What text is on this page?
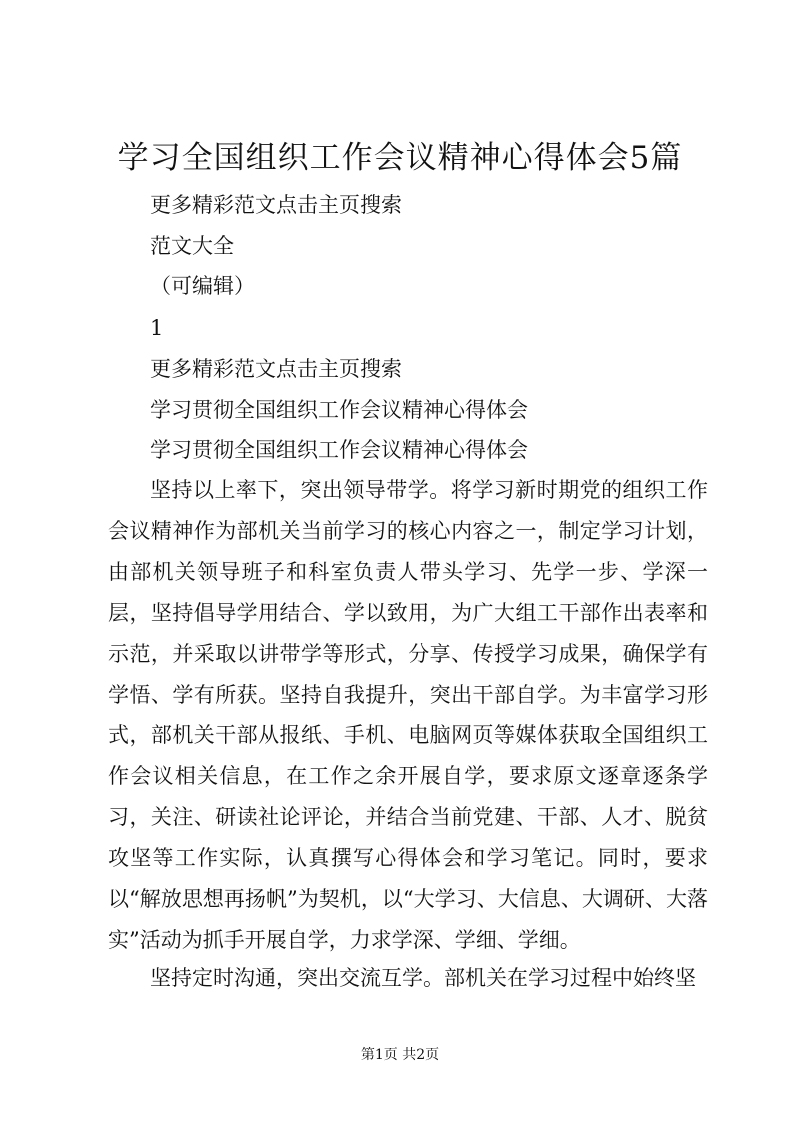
学习全国组织工作会议精神心得体会5篇
更多精彩范文点击主页搜索
范文大全
（可编辑）
1
更多精彩范文点击主页搜索
学习贯彻全国组织工作会议精神心得体会
学习贯彻全国组织工作会议精神心得体会

坚持以上率下，突出领导带学。将学习新时期党的组织工作会议精神作为部机关当前学习的核心内容之一，制定学习计划，由部机关领导班子和科室负责人带头学习、先学一步、学深一层，坚持倡导学用结合、学以致用，为广大组工干部作出表率和示范，并采取以讲带学等形式，分享、传授学习成果，确保学有学悟、学有所获。坚持自我提升，突出干部自学。为丰富学习形式，部机关干部从报纸、手机、电脑网页等媒体获取全国组织工作会议相关信息，在工作之余开展自学，要求原文逐章逐条学习，关注、研读社论评论，并结合当前党建、干部、人才、脱贫攻坚等工作实际，认真撰写心得体会和学习笔记。同时，要求以“解放思想再扬帆”为契机，以“大学习、大信息、大调研、大落实”活动为抓手开展自学，力求学深、学细、学细。

坚持定时沟通，突出交流互学。部机关在学习过程中始终坚

第1页 共2页
